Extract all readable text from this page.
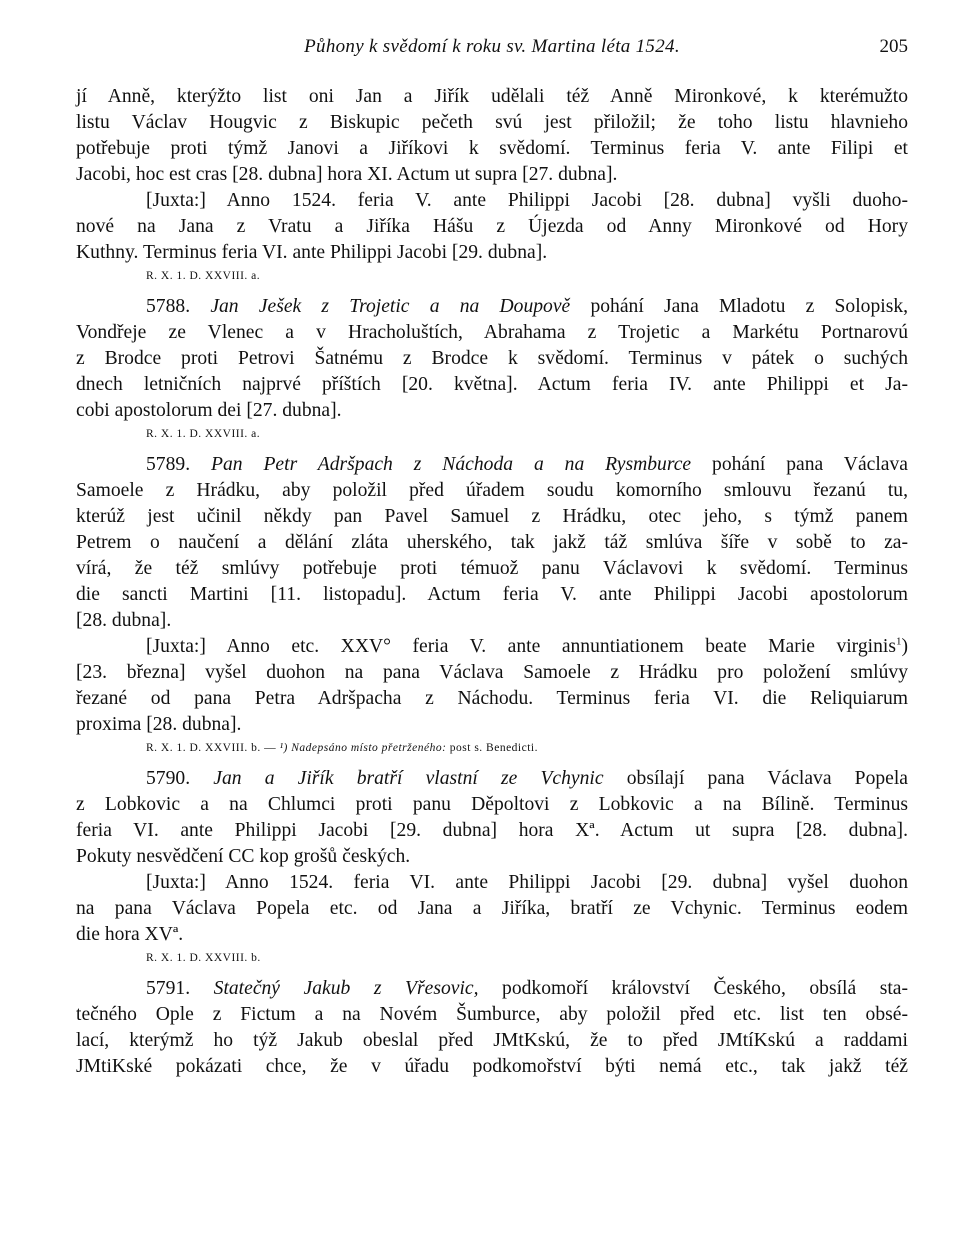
Půhony k svědomí k roku sv. Martina léta 1524.	205
jí Anně, kterýžto list oni Jan a Jiřík udělali též Anně Mironkové, k kterémužto
listu Václav Hougvic z Biskupic pečeth svú jest přiložil; že toho listu hlavnieho
potřebuje proti týmž Janovi a Jiříkovi k svědomí. Terminus feria V. ante Filipi et
Jacobi, hoc est cras [28. dubna] hora XI. Actum ut supra [27. dubna].
[Juxta:] Anno 1524. feria V. ante Philippi Jacobi [28. dubna] vyšli duoho-
nové na Jana z Vratu a Jiříka Hášu z Újezda od Anny Mironkové od Hory
Kuthny. Terminus feria VI. ante Philippi Jacobi [29. dubna].
R. X. 1. D. XXVIII. a.
5788. Jan Ješek z Trojetic a na Doupově pohání Jana Mladotu z Solopisk,
Vondřeje ze Vlenec a v Hracholuštích, Abrahama z Trojetic a Markétu Portnarovú
z Brodce proti Petrovi Šatnému z Brodce k svědomí. Terminus v pátek o suchých
dnech letničních najprvé příštích [20. května]. Actum feria IV. ante Philippi et Ja-
cobi apostolorum dei [27. dubna].
R. X. 1. D. XXVIII. a.
5789. Pan Petr Adršpach z Náchoda a na Rysmburce pohání pana Václava
Samoele z Hrádku, aby položil před úřadem soudu komorního smlouvu řezanú tu,
kterúž jest učinil někdy pan Pavel Samuel z Hrádku, otec jeho, s týmž panem
Petrem o naučení a dělání zláta uherského, tak jakž táž smlúva šíře v sobě to za-
vírá, že též smlúvy potřebuje proti témuož panu Václavovi k svědomí. Terminus
die sancti Martini [11. listopadu]. Actum feria V. ante Philippi Jacobi apostolorum
[28. dubna].
[Juxta:] Anno etc. XXV° feria V. ante annuntiationem beate Marie virginis$^1$)
[23. března] vyšel duohon na pana Václava Samoele z Hrádku pro položení smlúvy
řezané od pana Petra Adršpacha z Náchodu. Terminus feria VI. die Reliquiarum
proxima [28. dubna].
R. X. 1. D. XXVIII. b. — ¹) Nadepsáno místo přetrženého: post s. Benedicti.
5790. Jan a Jiřík bratří vlastní ze Vchynic obsílají pana Václava Popela
z Lobkovic a na Chlumci proti panu Děpoltovi z Lobkovic a na Bílině. Terminus
feria VI. ante Philippi Jacobi [29. dubna] hora Xª. Actum ut supra [28. dubna].
Pokuty nesvědčení CC kop grošů českých.
[Juxta:] Anno 1524. feria VI. ante Philippi Jacobi [29. dubna] vyšel duohon
na pana Václava Popela etc. od Jana a Jiříka, bratří ze Vchynic. Terminus eodem
die hora XVª.
R. X. 1. D. XXVIII. b.
5791. Statečný Jakub z Vřesovic, podkomoří království Českého, obsílá sta-
tečného Ople z Fictum a na Novém Šumburce, aby položil před etc. list ten obsé-
lací, kterýmž ho týž Jakub obeslal před JMtKskú, že to před JMtíKskú a raddami
JMtiKské pokázati chce, že v úřadu podkomořství býti nemá etc., tak jakž též
